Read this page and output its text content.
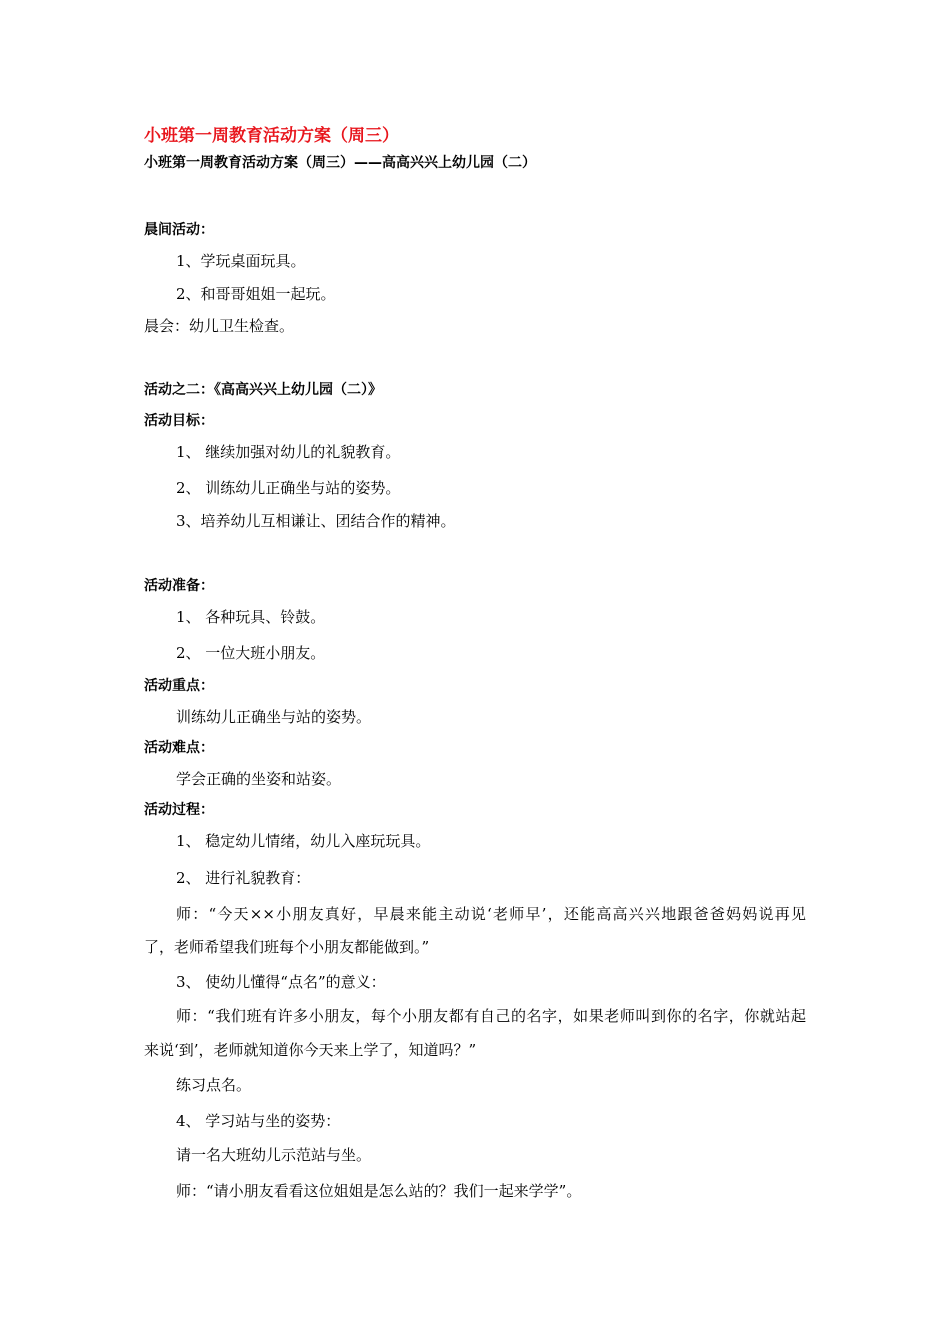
小班第一周教育活动方案（周三）
小班第一周教育活动方案（周三）——高高兴兴上幼儿园（二）
晨间活动：
1、学玩桌面玩具。
2、和哥哥姐姐一起玩。
晨会：幼儿卫生检查。
活动之二：《高高兴兴上幼儿园（二）》
活动目标：
1、 继续加强对幼儿的礼貌教育。
2、 训练幼儿正确坐与站的姿势。
3、培养幼儿互相谦让、团结合作的精神。
活动准备：
1、 各种玩具、铃鼓。
2、 一位大班小朋友。
活动重点：
训练幼儿正确坐与站的姿势。
活动难点：
学会正确的坐姿和站姿。
活动过程：
1、 稳定幼儿情绪，幼儿入座玩玩具。
2、 进行礼貌教育：
师：“今天××小朋友真好，早晨来能主动说‘老师早’，还能高高兴兴地跟爸爸妈妈说再见
了，老师希望我们班每个小朋友都能做到。”
3、 使幼儿懂得“点名”的意义：
师：“我们班有许多小朋友，每个小朋友都有自己的名字，如果老师叫到你的名字，你就站起
来说‘到’，老师就知道你今天来上学了，知道吗？”
练习点名。
4、 学习站与坐的姿势：
请一名大班幼儿示范站与坐。
师：“请小朋友看看这位姐姐是怎么站的？我们一起来学学”。
